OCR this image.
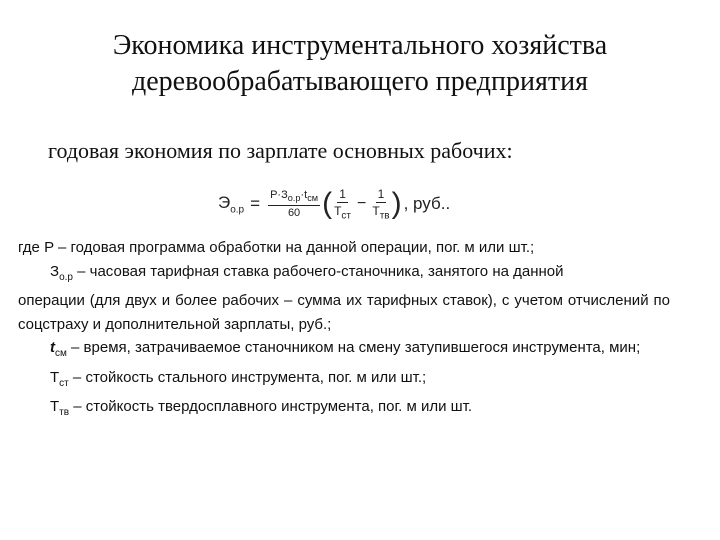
Экономика инструментального хозяйства
деревообрабатывающего предприятия
годовая экономия по зарплате основных рабочих:
$Э_{о.р} = \frac{P\cdot З_{о.р}\cdot t_{см}}{60}$ ( $\frac{1}{T_{ст}} - \frac{1}{T_{тв}}$ ) , руб..

где P – годовая программа обработки на данной операции, пог. м или шт.;

$З_{о.р}$ – часовая тарифная ставка рабочего-станочника, занятого на данной

операции (для двух и более рабочих – сумма их тарифных ставок), с учетом отчислений по соцстраху и дополнительной зарплаты, руб.;

$t_{см}$ – время, затрачиваемое станочником на смену затупившегося инструмента, мин;

$T_{ст}$ – стойкость стального инструмента, пог. м или шт.;

$T_{тв}$ – стойкость твердосплавного инструмента, пог. м или шт.
